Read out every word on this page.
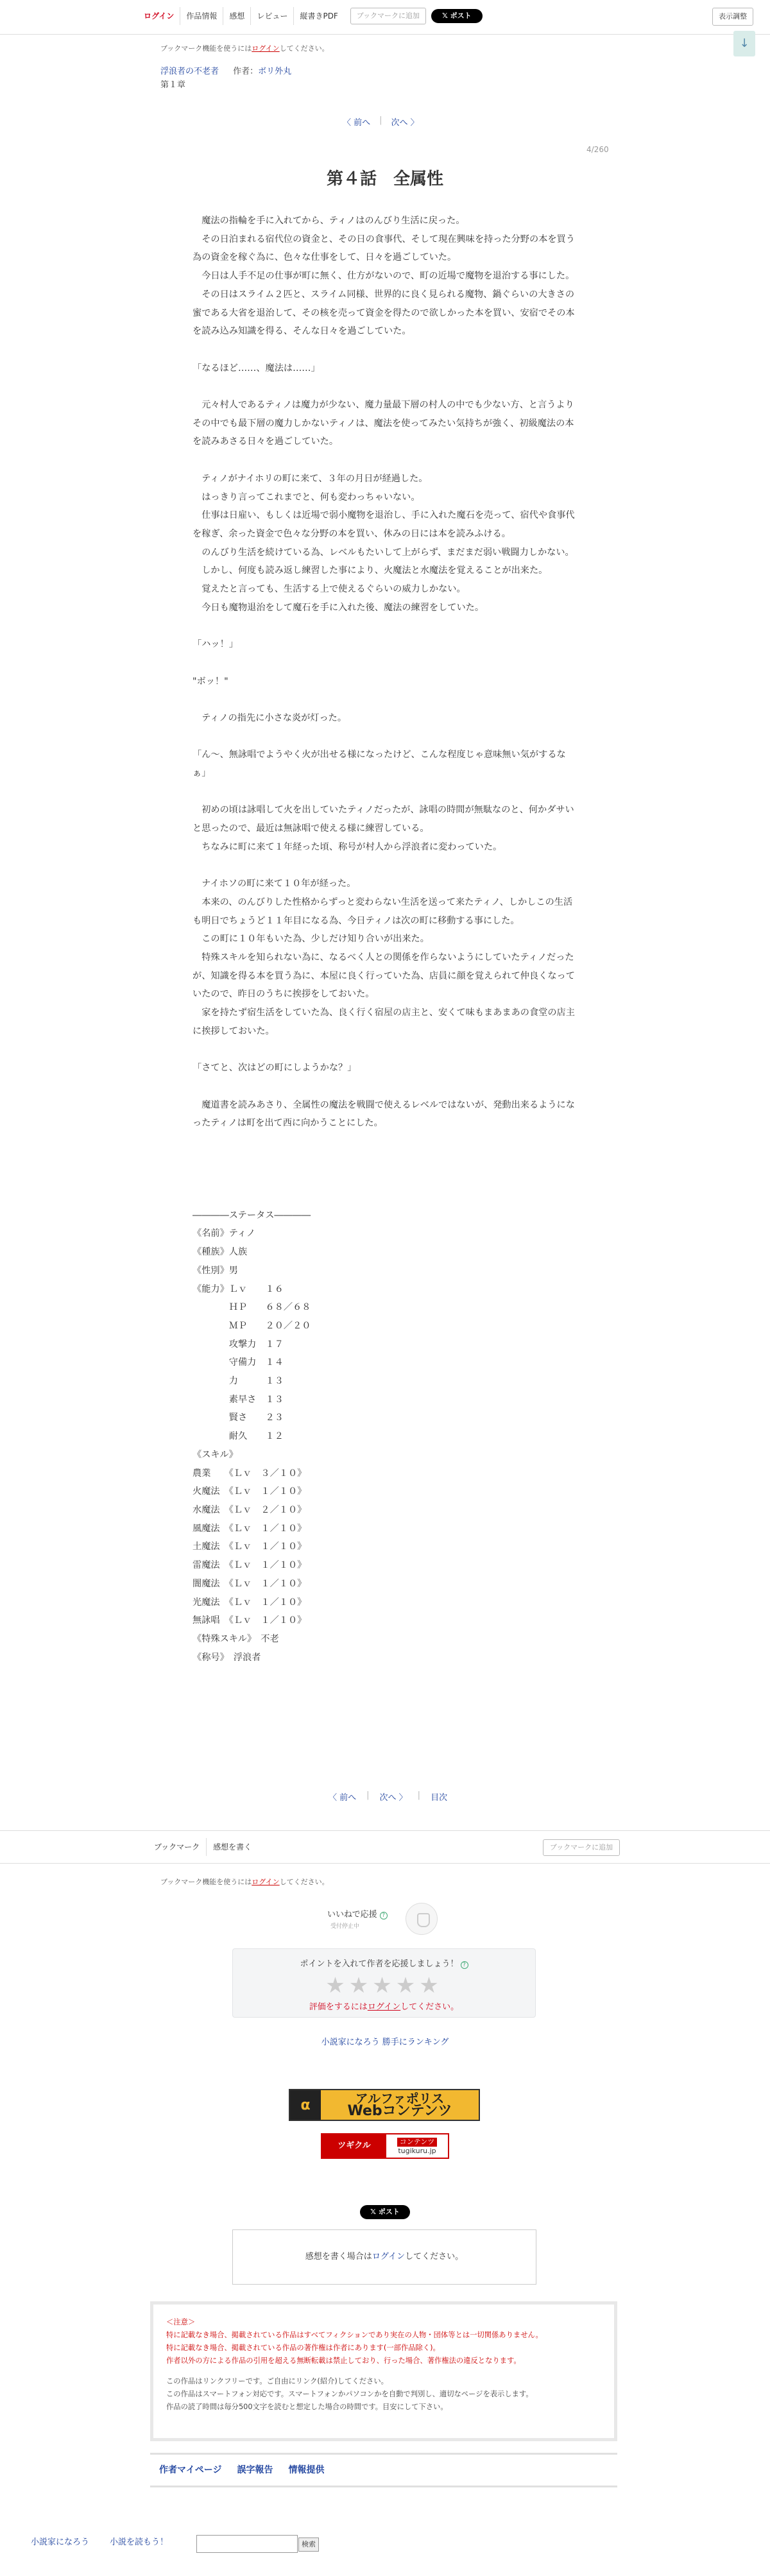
ログイン	作品情報	感想	レビュー	縦書きPDF	ブックマークに追加	𝕏 ポスト	表示調整
↓
ブックマーク機能を使うにはログインしてください。
浮浪者の不老者 作者：ボリ外丸
第１章
〈 前へ | 次へ 〉
4/260
第４話　全属性

　魔法の指輪を手に入れてから、ティノはのんびり生活に戻った。

　その日泊まれる宿代位の資金と、その日の食事代、そして現在興味を持った分野の本を買う為の資金を稼ぐ為に、色々な仕事をして、日々を過ごしていた。

　今日は人手不足の仕事が町に無く、仕方がないので、町の近場で魔物を退治する事にした。

　その日はスライム２匹と、スライム同様、世界的に良く見られる魔物、鍋ぐらいの大きさの蜜である大省を退治して、その核を売って資金を得たので欲しかった本を買い、安宿でその本を読み込み知識を得る、そんな日々を過ごしていた。

「なるほど……、魔法は……」

　元々村人であるティノは魔力が少ない、魔力量最下層の村人の中でも少ない方、と言うよりその中でも最下層の魔力しかないティノは、魔法を使ってみたい気持ちが強く、初級魔法の本を読みあさる日々を過ごしていた。

　ティノがナイホリの町に来て、３年の月日が経過した。

　はっきり言ってこれまでと、何も変わっちゃいない。

　仕事は日雇い、もしくは近場で弱小魔物を退治し、手に入れた魔石を売って、宿代や食事代を稼ぎ、余った資金で色々な分野の本を買い、休みの日には本を読みふける。

　のんびり生活を続けている為、レベルもたいして上がらず、まだまだ弱い戦闘力しかない。

　しかし、何度も読み返し練習した事により、火魔法と水魔法を覚えることが出来た。

　覚えたと言っても、生活する上で使えるぐらいの威力しかない。

　今日も魔物退治をして魔石を手に入れた後、魔法の練習をしていた。

「ハッ！」

"ボッ！"

　ティノの指先に小さな炎が灯った。

「ん〜、無詠唱でようやく火が出せる様になったけど、こんな程度じゃ意味無い気がするなぁ」

　初めの頃は詠唱して火を出していたティノだったが、詠唱の時間が無駄なのと、何かダサいと思ったので、最近は無詠唱で使える様に練習している。

　ちなみに町に来て１年経った頃、称号が村人から浮浪者に変わっていた。

　ナイホソの町に来て１０年が経った。

　本来の、のんびりした性格からずっと変わらない生活を送って来たティノ、しかしこの生活も明日でちょうど１１年目になる為、今日ティノは次の町に移動する事にした。

　この町に１０年もいた為、少しだけ知り合いが出来た。

　特殊スキルを知られない為に、なるべく人との関係を作らないようにしていたティノだったが、知識を得る本を買う為に、本屋に良く行っていた為、店員に顔を覚えられて仲良くなっていたので、昨日のうちに挨拶をしておいた。

　家を持たず宿生活をしていた為、良く行く宿屋の店主と、安くて味もまあまあの食堂の店主に挨拶しておいた。

「さてと、次はどの町にしようかな？」

　魔道書を読みあさり、全属性の魔法を戦闘で使えるレベルではないが、発動出来るようになったティノは町を出て西に向かうことにした。

――――ステータス――――

《名前》ティノ

《種族》人族

《性別》男

《能力》Ｌｖ　　１６

　　　　ＨＰ　　６８／６８

　　　　ＭＰ　　２０／２０

　　　　攻撃力　１７

　　　　守備力　１４

　　　　力　　　１３

　　　　素早さ　１３

　　　　賢さ　　２３

　　　　耐久　　１２

《スキル》

農業　　《Ｌｖ　３／１０》

火魔法　《Ｌｖ　１／１０》

水魔法　《Ｌｖ　２／１０》

風魔法　《Ｌｖ　１／１０》

土魔法　《Ｌｖ　１／１０》

雷魔法　《Ｌｖ　１／１０》

闇魔法　《Ｌｖ　１／１０》

光魔法　《Ｌｖ　１／１０》

無詠唱　《Ｌｖ　１／１０》

《特殊スキル》　不老

《称号》　浮浪者

〈 前へ | 次へ 〉 | 目次
ブックマーク	感想を書く	ブックマークに追加
ブックマーク機能を使うにはログインしてください。
いいねで応援 ?
受付停止中
ポイントを入れて作者を応援しましょう！ ?
★★★★★
評価をするにはログインしてください。
小説家になろう 勝手にランキング
α	アルファポリス
Webコンテンツ
ツギクル	コンテンツ
tugikuru.jp
𝕏 ポスト
感想を書く場合はログインしてください。
＜注意＞
特に記載なき場合、掲載されている作品はすべてフィクションであり実在の人物・団体等とは一切関係ありません。
特に記載なき場合、掲載されている作品の著作権は作者にあります(一部作品除く)。
作者以外の方による作品の引用を超える無断転載は禁止しており、行った場合、著作権法の違反となります。
この作品はリンクフリーです。ご自由にリンク(紹介)してください。
この作品はスマートフォン対応です。スマートフォンかパソコンかを自動で判別し、適切なページを表示します。
作品の読了時間は毎分500文字を読むと想定した場合の時間です。目安にして下さい。
作者マイページ 誤字報告 情報提供
小説家になろう 小説を読もう！	検索
